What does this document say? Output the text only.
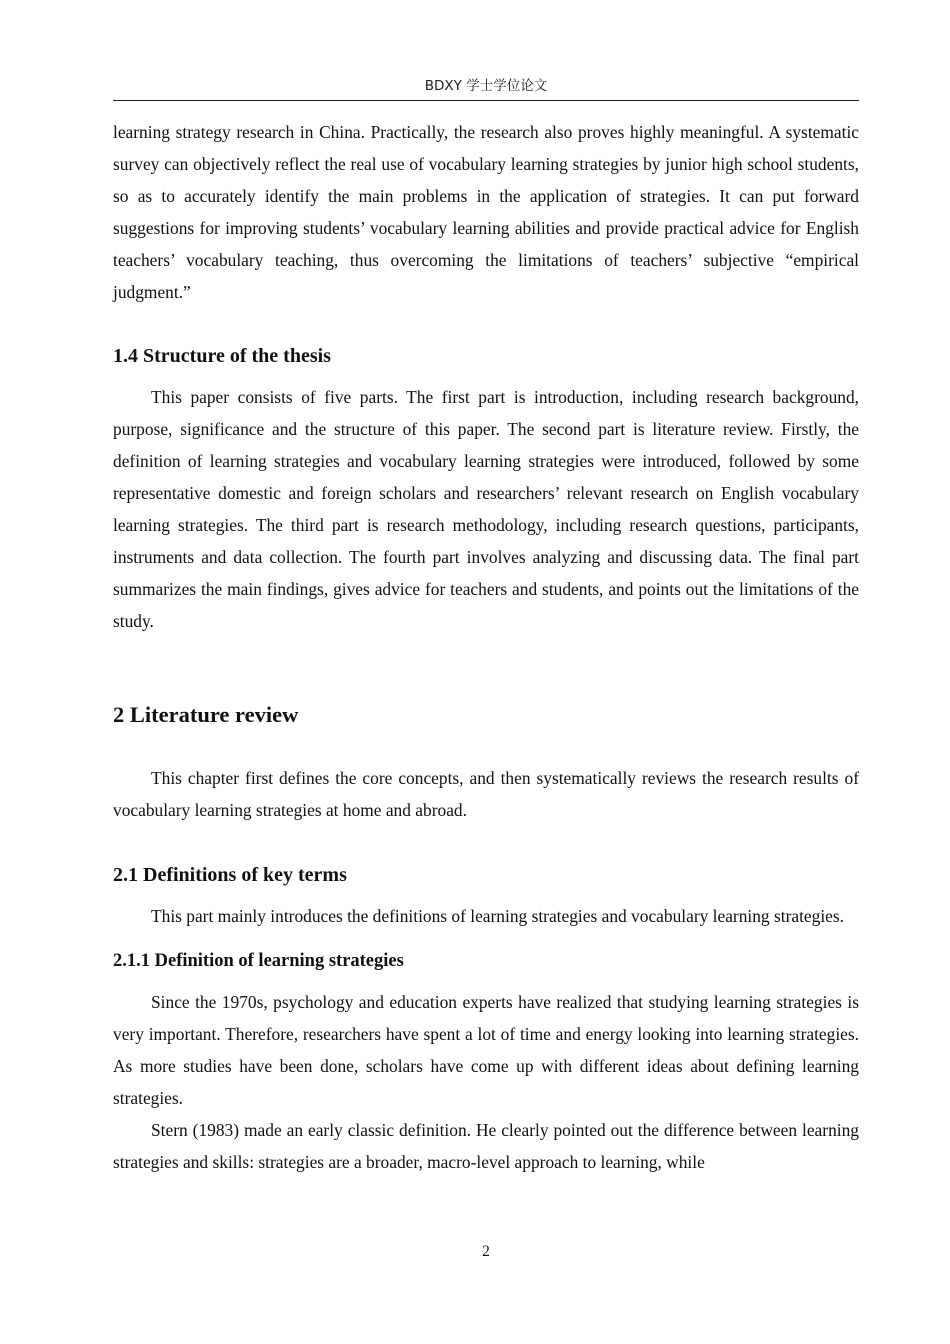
BDXY 学士学位论文

learning strategy research in China. Practically, the research also proves highly meaningful. A systematic survey can objectively reflect the real use of vocabulary learning strategies by junior high school students, so as to accurately identify the main problems in the application of strategies. It can put forward suggestions for improving students’ vocabulary learning abilities and provide practical advice for English teachers’ vocabulary teaching, thus overcoming the limitations of teachers’ subjective “empirical judgment.”

1.4 Structure of the thesis

This paper consists of five parts. The first part is introduction, including research background, purpose, significance and the structure of this paper. The second part is literature review. Firstly, the definition of learning strategies and vocabulary learning strategies were introduced, followed by some representative domestic and foreign scholars and researchers’ relevant research on English vocabulary learning strategies. The third part is research methodology, including research questions, participants, instruments and data collection. The fourth part involves analyzing and discussing data. The final part summarizes the main findings, gives advice for teachers and students, and points out the limitations of the study.

2 Literature review

This chapter first defines the core concepts, and then systematically reviews the research results of vocabulary learning strategies at home and abroad.

2.1 Definitions of key terms

This part mainly introduces the definitions of learning strategies and vocabulary learning strategies.

2.1.1 Definition of learning strategies

Since the 1970s, psychology and education experts have realized that studying learning strategies is very important. Therefore, researchers have spent a lot of time and energy looking into learning strategies. As more studies have been done, scholars have come up with different ideas about defining learning strategies.

Stern (1983) made an early classic definition. He clearly pointed out the difference between learning strategies and skills: strategies are a broader, macro-level approach to learning, while

2
